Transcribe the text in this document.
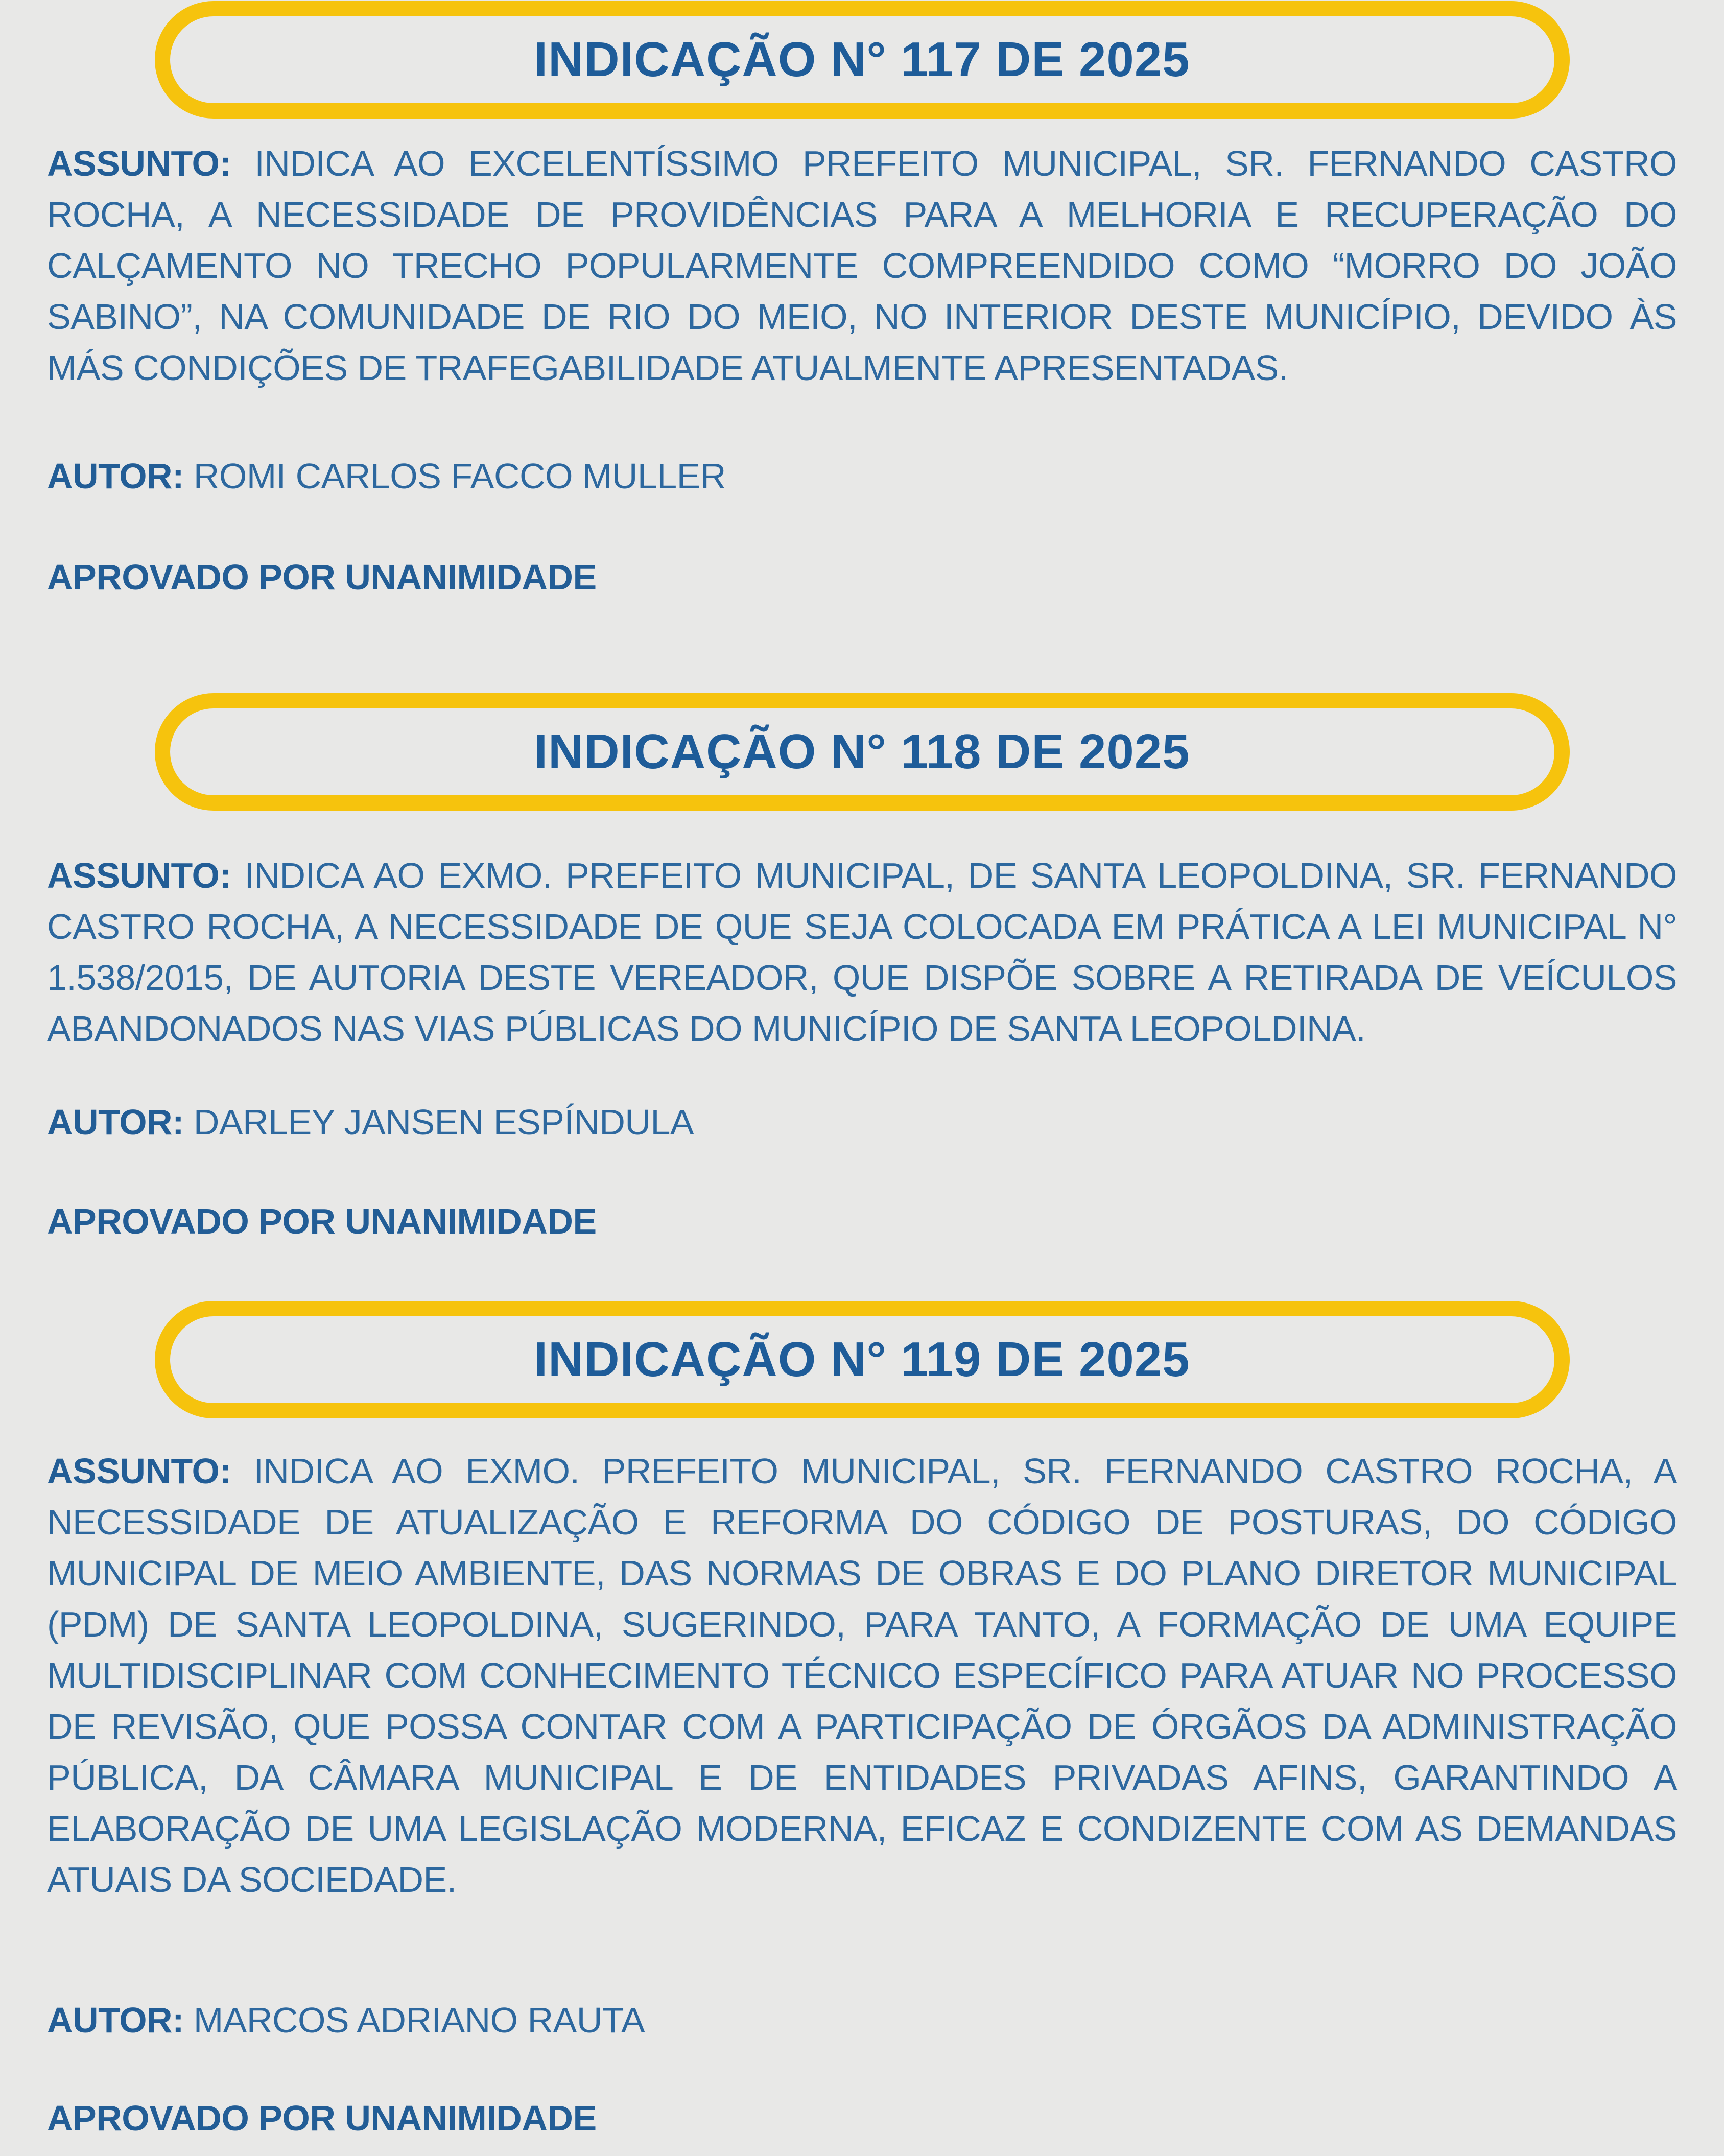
INDICAÇÃO N° 117 DE 2025

ASSUNTO: INDICA AO EXCELENTÍSSIMO PREFEITO MUNICIPAL, SR. FERNANDO CASTRO ROCHA, A NECESSIDADE DE PROVIDÊNCIAS PARA A MELHORIA E RECUPERAÇÃO DO CALÇAMENTO NO TRECHO POPULARMENTE COMPREENDIDO COMO “MORRO DO JOÃO SABINO”, NA COMUNIDADE DE RIO DO MEIO, NO INTERIOR DESTE MUNICÍPIO, DEVIDO ÀS MÁS CONDIÇÕES DE TRAFEGABILIDADE ATUALMENTE APRESENTADAS.

AUTOR: ROMI CARLOS FACCO MULLER

APROVADO POR UNANIMIDADE

INDICAÇÃO N° 118 DE 2025

ASSUNTO: INDICA AO EXMO. PREFEITO MUNICIPAL, DE SANTA LEOPOLDINA, SR. FERNANDO CASTRO ROCHA, A NECESSIDADE DE QUE SEJA COLOCADA EM PRÁTICA A LEI MUNICIPAL N° 1.538/2015, DE AUTORIA DESTE VEREADOR, QUE DISPÕE SOBRE A RETIRADA DE VEÍCULOS ABANDONADOS NAS VIAS PÚBLICAS DO MUNICÍPIO DE SANTA LEOPOLDINA.

AUTOR: DARLEY JANSEN ESPÍNDULA

APROVADO POR UNANIMIDADE

INDICAÇÃO N° 119 DE 2025

ASSUNTO: INDICA AO EXMO. PREFEITO MUNICIPAL, SR. FERNANDO CASTRO ROCHA, A NECESSIDADE DE ATUALIZAÇÃO E REFORMA DO CÓDIGO DE POSTURAS, DO CÓDIGO MUNICIPAL DE MEIO AMBIENTE, DAS NORMAS DE OBRAS E DO PLANO DIRETOR MUNICIPAL (PDM) DE SANTA LEOPOLDINA, SUGERINDO, PARA TANTO, A FORMAÇÃO DE UMA EQUIPE MULTIDISCIPLINAR COM CONHECIMENTO TÉCNICO ESPECÍFICO PARA ATUAR NO PROCESSO DE REVISÃO, QUE POSSA CONTAR COM A PARTICIPAÇÃO DE ÓRGÃOS DA ADMINISTRAÇÃO PÚBLICA, DA CÂMARA MUNICIPAL E DE ENTIDADES PRIVADAS AFINS, GARANTINDO A ELABORAÇÃO DE UMA LEGISLAÇÃO MODERNA, EFICAZ E CONDIZENTE COM AS DEMANDAS ATUAIS DA SOCIEDADE.

AUTOR: MARCOS ADRIANO RAUTA

APROVADO POR UNANIMIDADE
